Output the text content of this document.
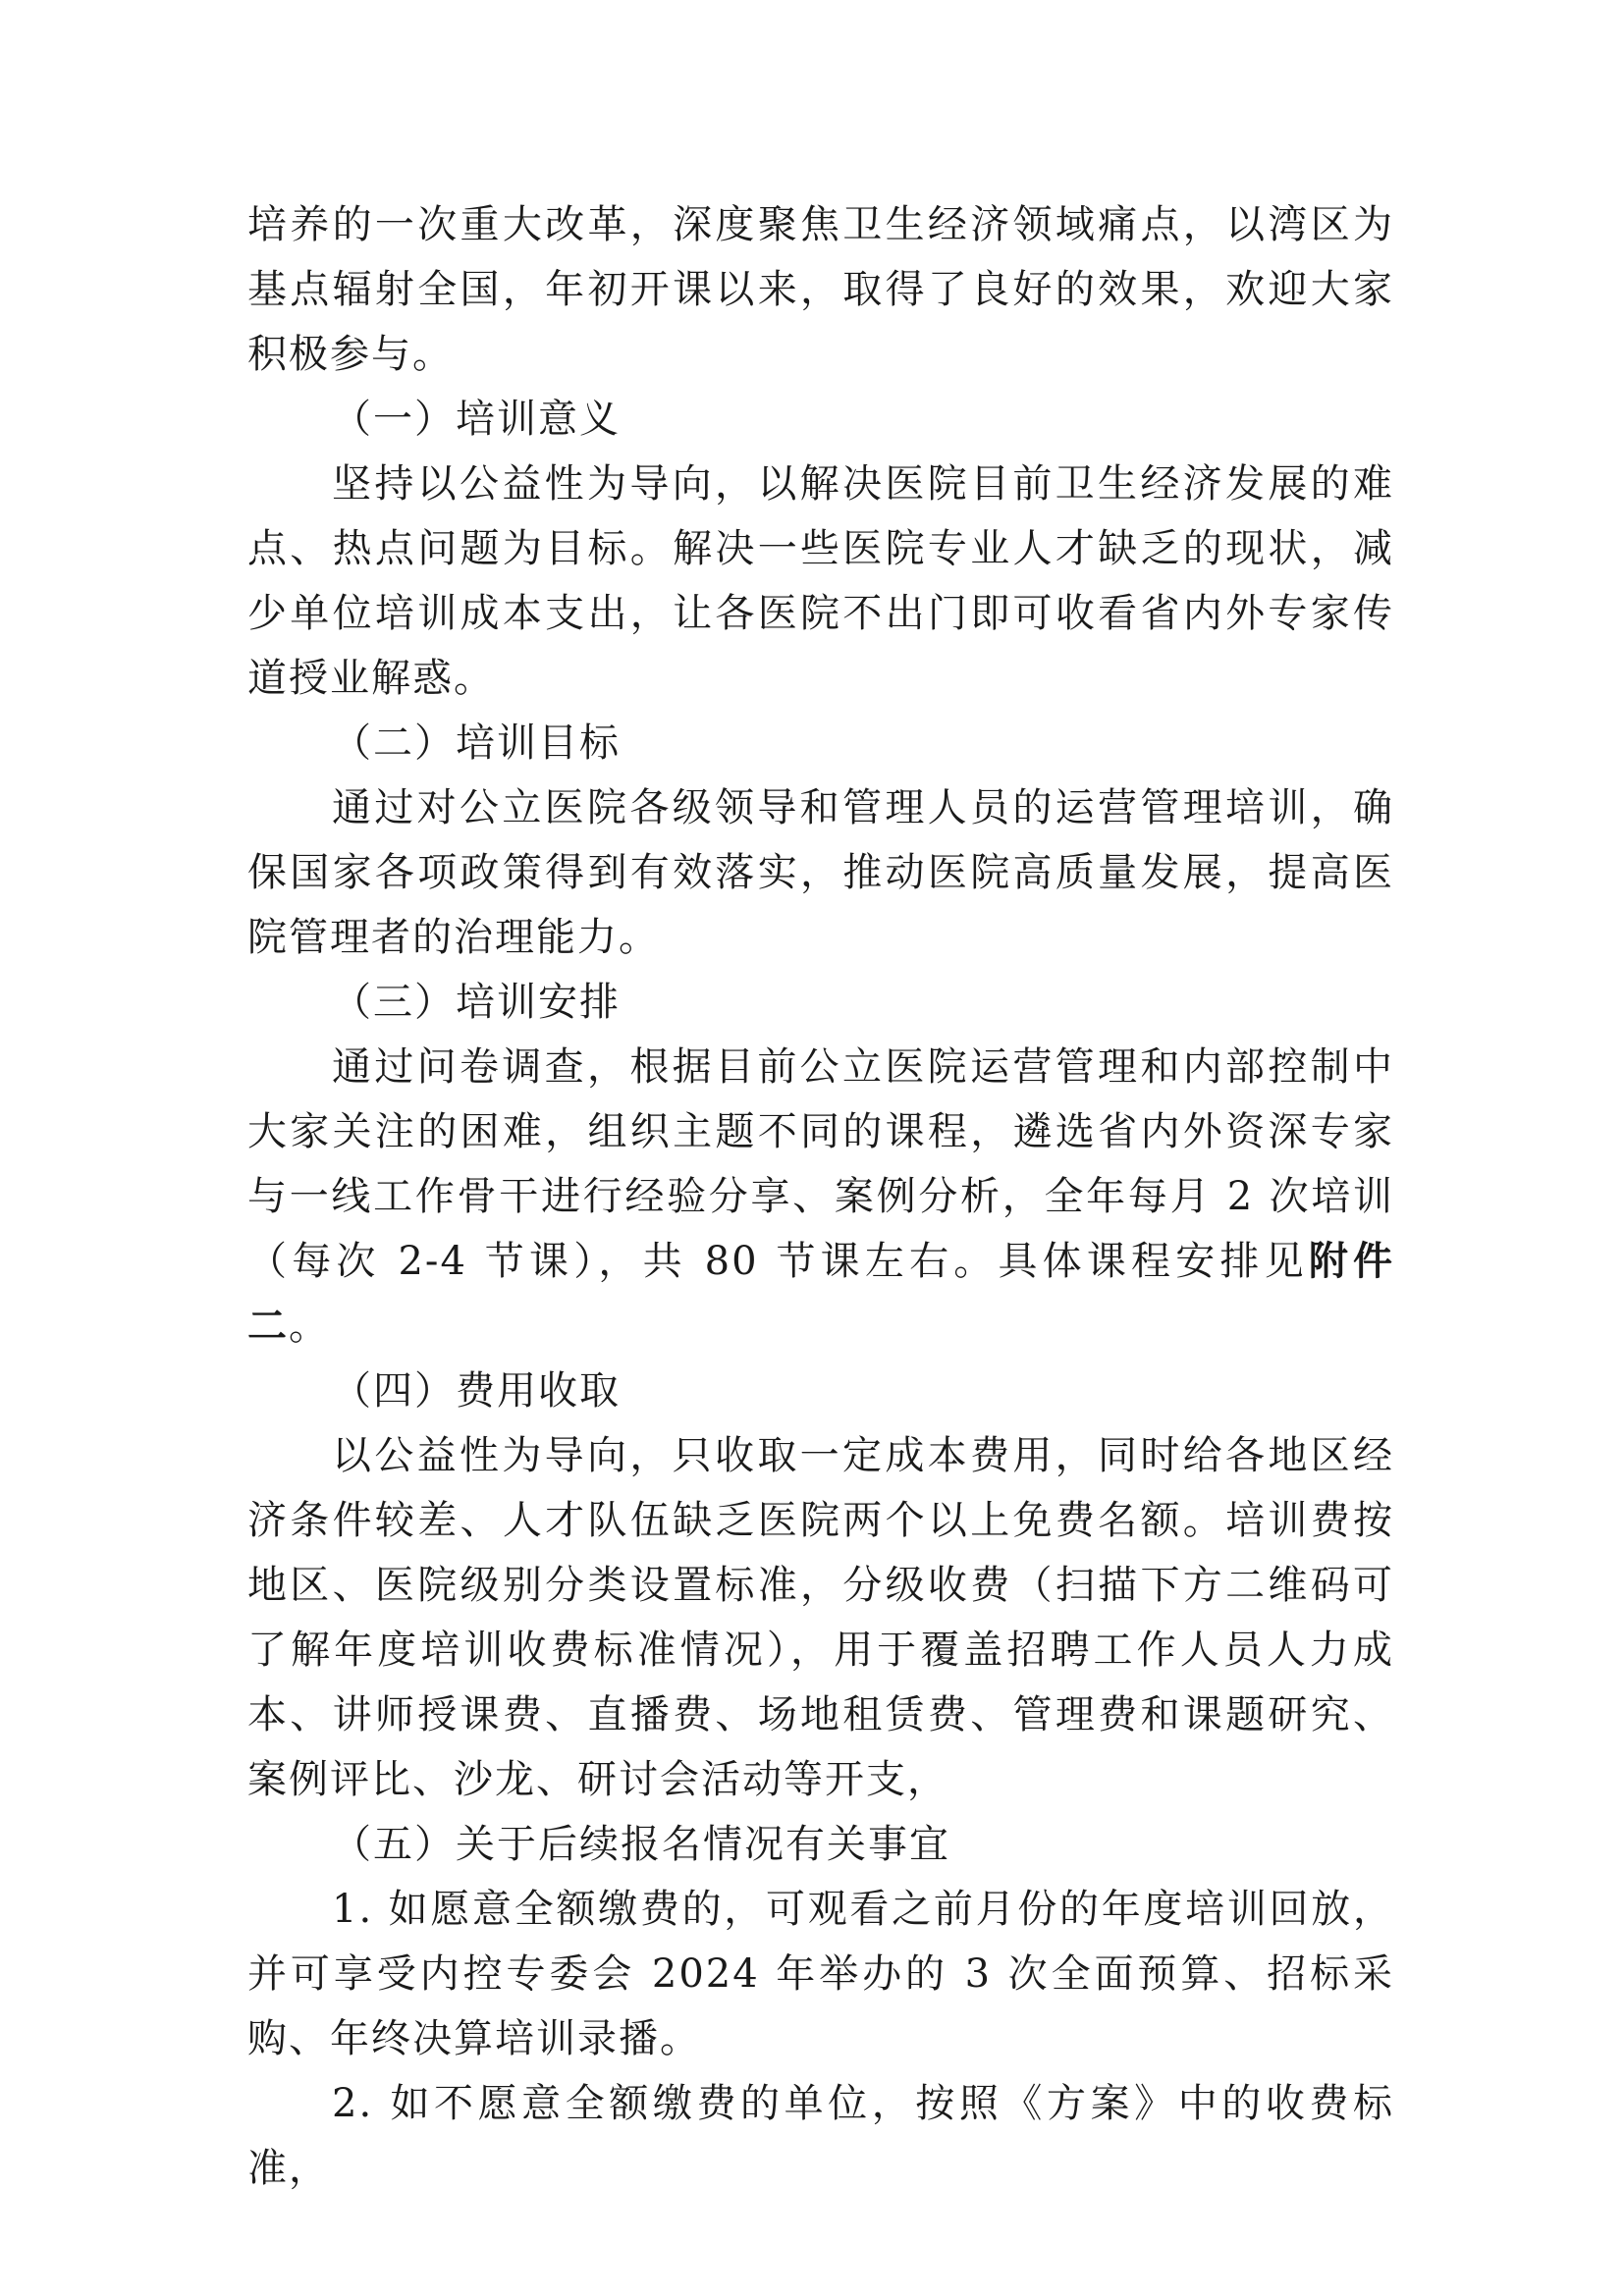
培养的一次重大改革，深度聚焦卫生经济领域痛点，以湾区为基点辐射全国，年初开课以来，取得了良好的效果，欢迎大家积极参与。

（一）培训意义

坚持以公益性为导向，以解决医院目前卫生经济发展的难点、热点问题为目标。解决一些医院专业人才缺乏的现状，减少单位培训成本支出，让各医院不出门即可收看省内外专家传道授业解惑。

（二）培训目标

通过对公立医院各级领导和管理人员的运营管理培训，确保国家各项政策得到有效落实，推动医院高质量发展，提高医院管理者的治理能力。

（三）培训安排

通过问卷调查，根据目前公立医院运营管理和内部控制中大家关注的困难，组织主题不同的课程，遴选省内外资深专家与一线工作骨干进行经验分享、案例分析，全年每月 2 次培训（每次 2-4 节课），共 80 节课左右。具体课程安排见附件二。

（四）费用收取

以公益性为导向，只收取一定成本费用，同时给各地区经济条件较差、人才队伍缺乏医院两个以上免费名额。培训费按地区、医院级别分类设置标准，分级收费（扫描下方二维码可了解年度培训收费标准情况），用于覆盖招聘工作人员人力成本、讲师授课费、直播费、场地租赁费、管理费和课题研究、案例评比、沙龙、研讨会活动等开支，

（五）关于后续报名情况有关事宜

1. 如愿意全额缴费的，可观看之前月份的年度培训回放，并可享受内控专委会 2024 年举办的 3 次全面预算、招标采购、年终决算培训录播。

2. 如不愿意全额缴费的单位，按照《方案》中的收费标准，
